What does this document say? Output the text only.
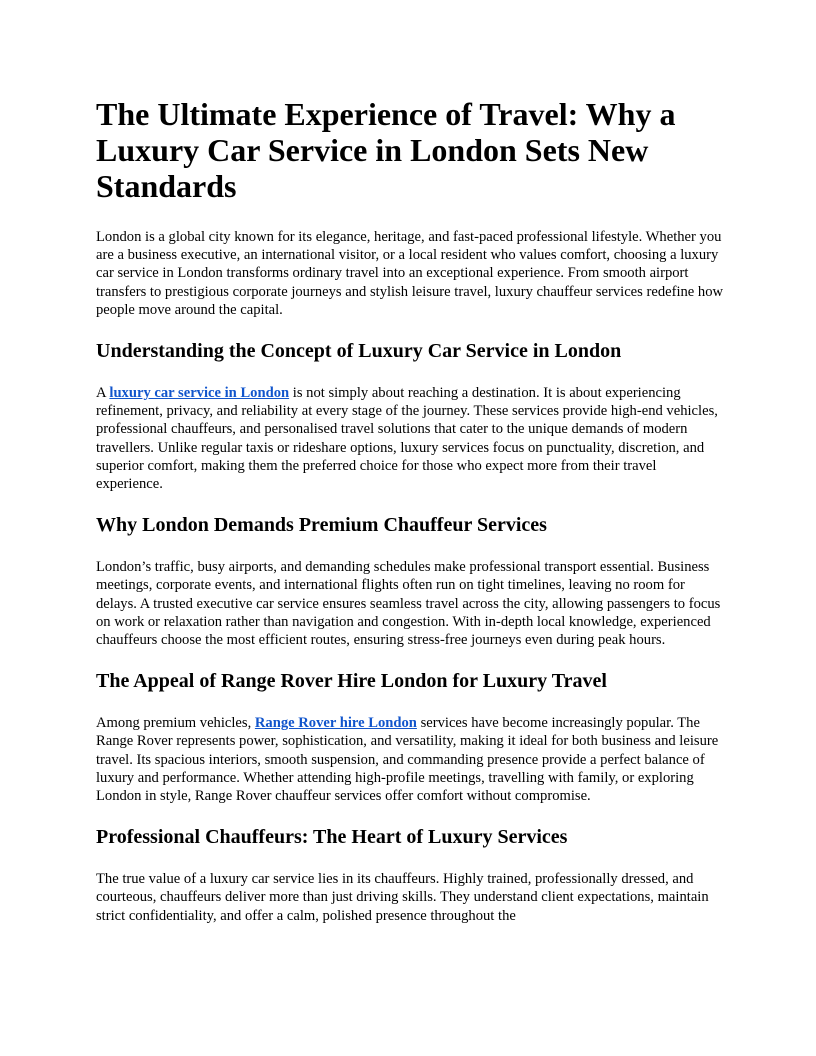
The Ultimate Experience of Travel: Why a Luxury Car Service in London Sets New Standards

London is a global city known for its elegance, heritage, and fast-paced professional lifestyle. Whether you are a business executive, an international visitor, or a local resident who values comfort, choosing a luxury car service in London transforms ordinary travel into an exceptional experience. From smooth airport transfers to prestigious corporate journeys and stylish leisure travel, luxury chauffeur services redefine how people move around the capital.

Understanding the Concept of Luxury Car Service in London

A luxury car service in London is not simply about reaching a destination. It is about experiencing refinement, privacy, and reliability at every stage of the journey. These services provide high-end vehicles, professional chauffeurs, and personalised travel solutions that cater to the unique demands of modern travellers. Unlike regular taxis or rideshare options, luxury services focus on punctuality, discretion, and superior comfort, making them the preferred choice for those who expect more from their travel experience.

Why London Demands Premium Chauffeur Services

London’s traffic, busy airports, and demanding schedules make professional transport essential. Business meetings, corporate events, and international flights often run on tight timelines, leaving no room for delays. A trusted executive car service ensures seamless travel across the city, allowing passengers to focus on work or relaxation rather than navigation and congestion. With in-depth local knowledge, experienced chauffeurs choose the most efficient routes, ensuring stress-free journeys even during peak hours.

The Appeal of Range Rover Hire London for Luxury Travel

Among premium vehicles, Range Rover hire London services have become increasingly popular. The Range Rover represents power, sophistication, and versatility, making it ideal for both business and leisure travel. Its spacious interiors, smooth suspension, and commanding presence provide a perfect balance of luxury and performance. Whether attending high-profile meetings, travelling with family, or exploring London in style, Range Rover chauffeur services offer comfort without compromise.

Professional Chauffeurs: The Heart of Luxury Services

The true value of a luxury car service lies in its chauffeurs. Highly trained, professionally dressed, and courteous, chauffeurs deliver more than just driving skills. They understand client expectations, maintain strict confidentiality, and offer a calm, polished presence throughout the
